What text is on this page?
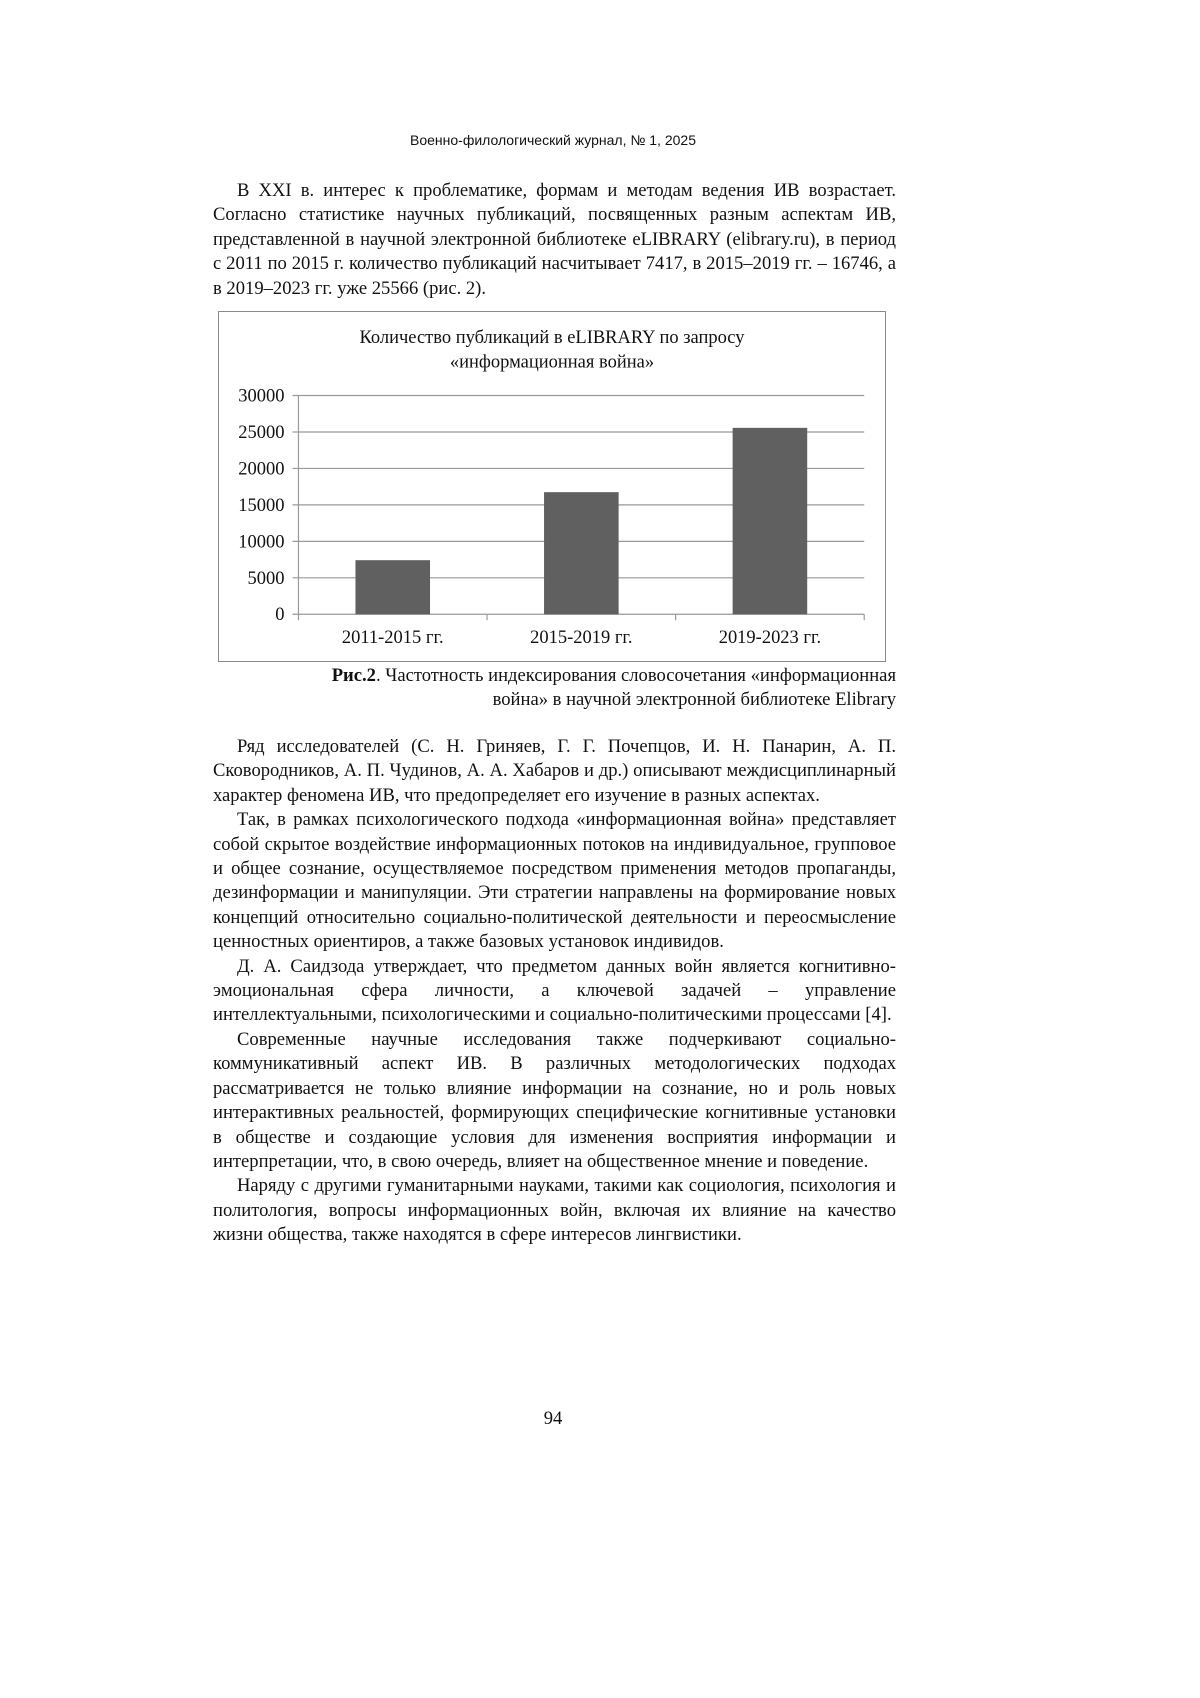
Военно-филологический журнал, № 1, 2025

В XXI в. интерес к проблематике, формам и методам ведения ИВ возрастает. Согласно статистике научных публикаций, посвященных разным аспектам ИВ, представленной в научной электронной библиотеке eLIBRARY (elibrary.ru), в период с 2011 по 2015 г. количество публикаций насчитывает 7417, в 2015–2019 гг. – 16746, а в 2019–2023 гг. уже 25566 (рис. 2).

Количество публикаций в eLIBRARY по запросу
«информационная война»
0
5000
10000
15000
20000
25000
30000
2011-2015 гг.	2015-2019 гг.	2019-2023 гг.
Рис.2. Частотность индексирования словосочетания «информационная
война» в научной электронной библиотеке Elibrary

Ряд исследователей (С. Н. Гриняев, Г. Г. Почепцов, И. Н. Панарин, А. П. Сковородников, А. П. Чудинов, А. А. Хабаров и др.) описывают междисциплинарный характер феномена ИВ, что предопределяет его изучение в разных аспектах.

Так, в рамках психологического подхода «информационная война» представляет собой скрытое воздействие информационных потоков на индивидуальное, групповое и общее сознание, осуществляемое посредством применения методов пропаганды, дезинформации и манипуляции. Эти стратегии направлены на формирование новых концепций относительно социально-политической деятельности и переосмысление ценностных ориентиров, а также базовых установок индивидов.

Д. А. Саидзода утверждает, что предметом данных войн является когнитивно-эмоциональная сфера личности, а ключевой задачей – управление интеллектуальными, психологическими и социально-политическими процессами [4].

Современные научные исследования также подчеркивают социально-коммуникативный аспект ИВ. В различных методологических подходах рассматривается не только влияние информации на сознание, но и роль новых интерактивных реальностей, формирующих специфические когнитивные установки в обществе и создающие условия для изменения восприятия информации и интерпретации, что, в свою очередь, влияет на общественное мнение и поведение.

Наряду с другими гуманитарными науками, такими как социология, психология и политология, вопросы информационных войн, включая их влияние на качество жизни общества, также находятся в сфере интересов лингвистики.

94
